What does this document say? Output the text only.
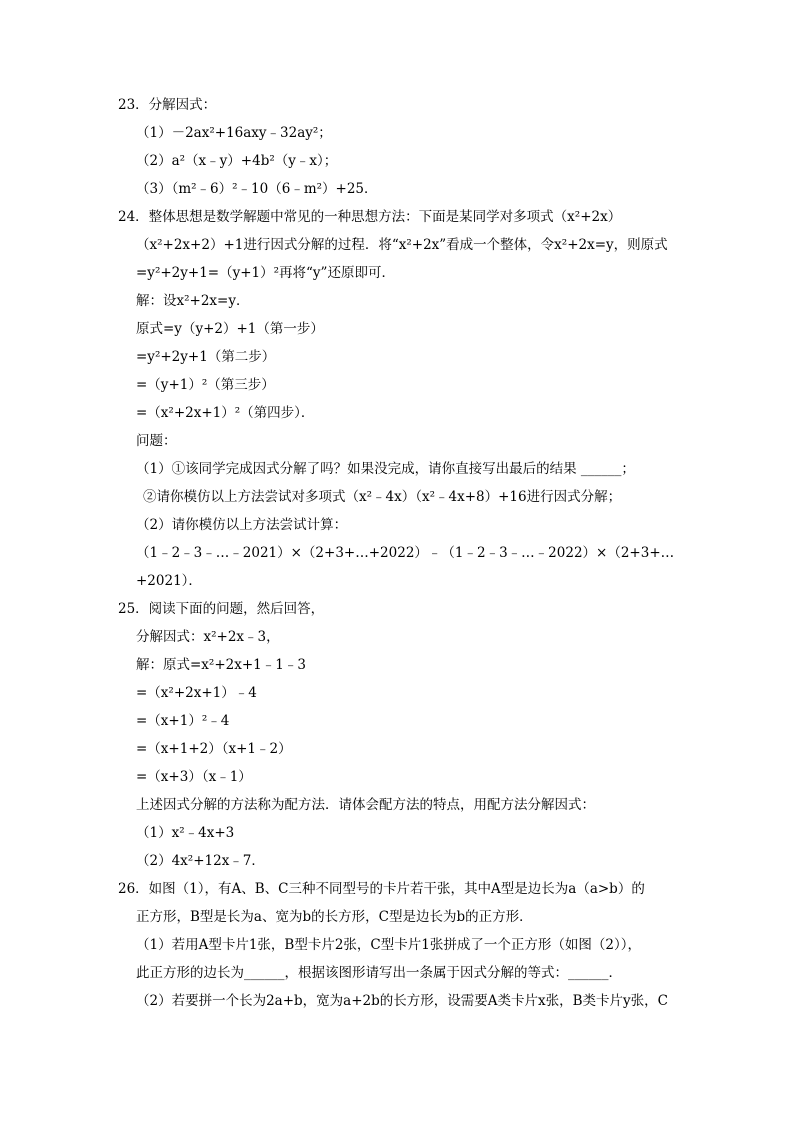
23．分解因式：
（1）－2ax²+16axy﹣32ay²；
（2）a²（x﹣y）+4b²（y﹣x）；
（3）（m²﹣6）²﹣10（6﹣m²）+25．
24．整体思想是数学解题中常见的一种思想方法：下面是某同学对多项式（x²+2x）
（x²+2x+2）+1进行因式分解的过程．将“x²+2x”看成一个整体，令x²+2x=y，则原式
=y²+2y+1=（y+1）²再将“y”还原即可．
解：设x²+2x=y．
原式=y（y+2）+1（第一步）
=y²+2y+1（第二步）
=（y+1）²（第三步）
=（x²+2x+1）²（第四步）．
问题：
（1）①该同学完成因式分解了吗？如果没完成，请你直接写出最后的结果 ______；
②请你模仿以上方法尝试对多项式（x²﹣4x）（x²﹣4x+8）+16进行因式分解；
（2）请你模仿以上方法尝试计算：
（1﹣2﹣3﹣…﹣2021）×（2+3+…+2022）﹣（1﹣2﹣3﹣…﹣2022）×（2+3+…
+2021）．
25．阅读下面的问题，然后回答，
分解因式：x²+2x﹣3，
解：原式=x²+2x+1﹣1﹣3
=（x²+2x+1）﹣4
=（x+1）²﹣4
=（x+1+2）（x+1﹣2）
=（x+3）（x﹣1）
上述因式分解的方法称为配方法．请体会配方法的特点，用配方法分解因式：
（1）x²﹣4x+3
（2）4x²+12x﹣7．
26．如图（1），有A、B、C三种不同型号的卡片若干张，其中A型是边长为a（a>b）的
正方形，B型是长为a、宽为b的长方形，C型是边长为b的正方形．
（1）若用A型卡片1张，B型卡片2张，C型卡片1张拼成了一个正方形（如图（2）），
此正方形的边长为______，根据该图形请写出一条属于因式分解的等式：______．
（2）若要拼一个长为2a+b，宽为a+2b的长方形，设需要A类卡片x张，B类卡片y张，C
